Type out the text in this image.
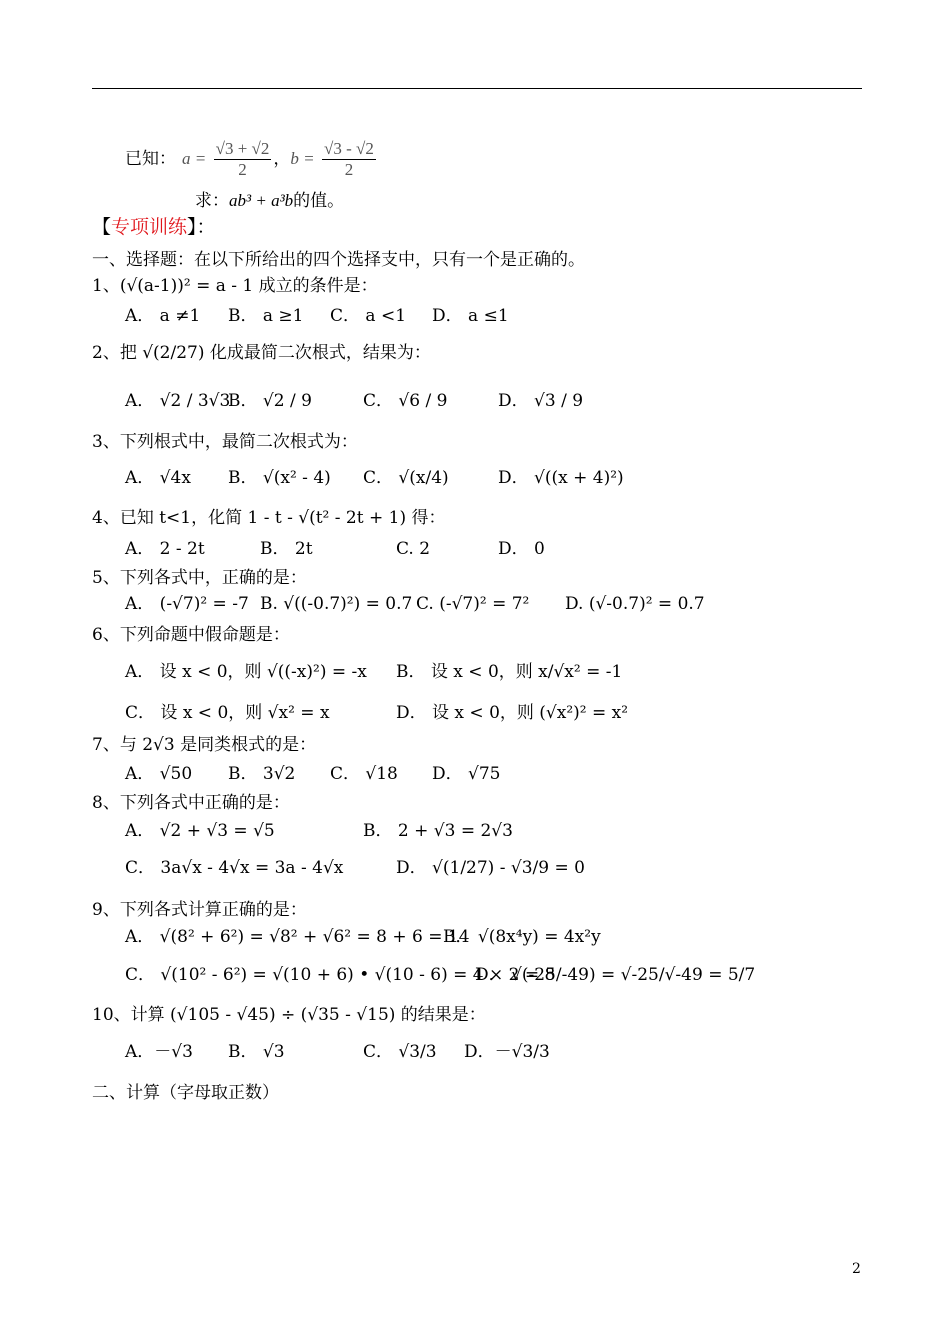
已知： $a = \frac{√3 + √2}{2}$ ，$b = \frac{√3 - √2}{2}$
求：ab³ + a³b的值。
【专项训练】：
一、选择题：在以下所给出的四个选择支中，只有一个是正确的。
1、(√(a-1))² = a - 1 成立的条件是：
A． a ≠1 B． a ≥1 C． a <1 D． a ≤1
2、把 √(2/27) 化成最简二次根式，结果为：
A． √2 / 3√3
B． √2 / 9	C． √6 / 9	D． √3 / 9
3、下列根式中，最简二次根式为：
A． √4x B． √(x² - 4) C． √(x/4)	D． √((x + 4)²)
4、已知 t<1，化简 1 - t - √(t² - 2t + 1) 得：
A． 2 - 2t	B． 2t	C. 2	D． 0
5、下列各式中，正确的是：
A． (-√7)² = -7 B. √((-0.7)²) = 0.7 C. (-√7)² = 7² D. (√-0.7)² = 0.7
6、下列命题中假命题是：
A． 设 x < 0，则 √((-x)²) = -x B． 设 x < 0，则 x/√x² = -1
C． 设 x < 0，则 √x² = x	D． 设 x < 0，则 (√x²)² = x²
7、与 2√3 是同类根式的是：
A． √50 B． 3√2 C． √18 D． √75
8、下列各式中正确的是：
A． √2 + √3 = √5	B． 2 + √3 = 2√3
C． 3a√x - 4√x = 3a - 4√x	D． √(1/27) - √3/9 = 0
9、下列各式计算正确的是：
A． √(8² + 6²) = √8² + √6² = 8 + 6 = 14
B． √(8x⁴y) = 4x²y
C． √(10² - 6²) = √(10 + 6) • √(10 - 6) = 4 × 2 = 8
D． √(-25/-49) = √-25/√-49 = 5/7
10、计算 (√105 - √45) ÷ (√35 - √15) 的结果是：
A．－√3 B． √3	C． √3/3 D．－√3/3
二、计算（字母取正数）
2
